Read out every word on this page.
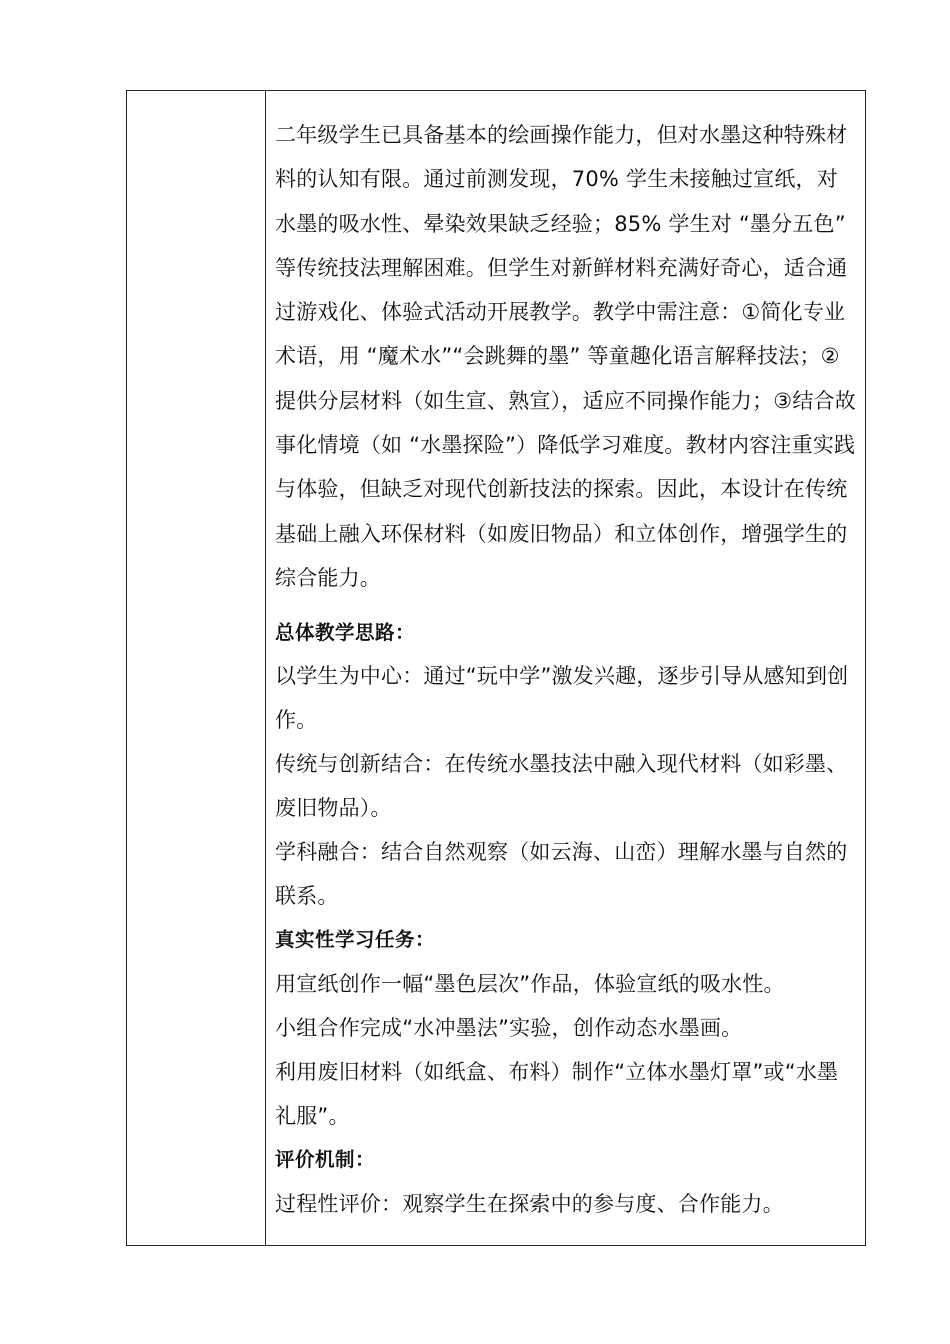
二年级学生已具备基本的绘画操作能力，但对水墨这种特殊材料的认知有限。通过前测发现，70% 学生未接触过宣纸，对水墨的吸水性、晕染效果缺乏经验；85% 学生对 “墨分五色” 等传统技法理解困难。但学生对新鲜材料充满好奇心，适合通过游戏化、体验式活动开展教学。教学中需注意：①简化专业术语，用 “魔术水”“会跳舞的墨” 等童趣化语言解释技法；②提供分层材料（如生宣、熟宣），适应不同操作能力；③结合故事化情境（如 “水墨探险”）降低学习难度。教材内容注重实践与体验，但缺乏对现代创新技法的探索。因此，本设计在传统基础上融入环保材料（如废旧物品）和立体创作，增强学生的综合能力。

总体教学思路：

以学生为中心：通过“玩中学”激发兴趣，逐步引导从感知到创作。

传统与创新结合：在传统水墨技法中融入现代材料（如彩墨、废旧物品）。

学科融合：结合自然观察（如云海、山峦）理解水墨与自然的联系。

真实性学习任务：

用宣纸创作一幅“墨色层次”作品，体验宣纸的吸水性。

小组合作完成“水冲墨法”实验，创作动态水墨画。

利用废旧材料（如纸盒、布料）制作“立体水墨灯罩”或“水墨礼服”。

评价机制：

过程性评价：观察学生在探索中的参与度、合作能力。
